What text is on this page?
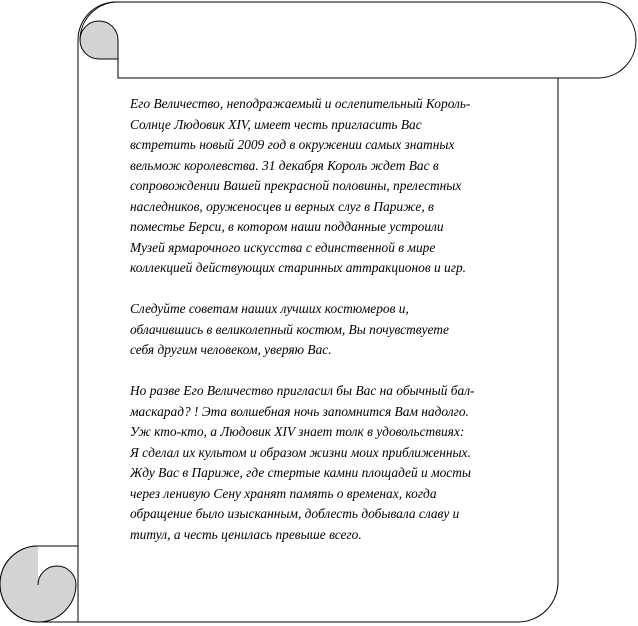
Его Величество, неподражаемый и ослепительный Король-
Солнце Людовик XIV, имеет честь пригласить Вас
встретить новый 2009 год в окружении самых знатных
вельмож королевства. 31 декабря Король ждет Вас в
сопровождении Вашей прекрасной половины, прелестных
наследников, оруженосцев и верных слуг в Париже, в
поместье Берси, в котором наши подданные устроили
Музей ярмарочного искусства с единственной в мире
коллекцией действующих старинных аттракционов и игр.

Следуйте советам наших лучших костюмеров и,
облачившись в великолепный костюм, Вы почувствуете
себя другим человеком, уверяю Вас.

Но разве Его Величество пригласил бы Вас на обычный бал-
маскарад? ! Эта волшебная ночь запомнится Вам надолго.
Уж кто-кто, а Людовик XIV знает толк в удовольствиях:
Я сделал их культом и образом жизни моих приближенных.
Жду Вас в Париже, где стертые камни площадей и мосты
через ленивую Сену хранят память о временах, когда
обращение было изысканным, доблесть добывала славу и
титул, а честь ценилась превыше всего.
